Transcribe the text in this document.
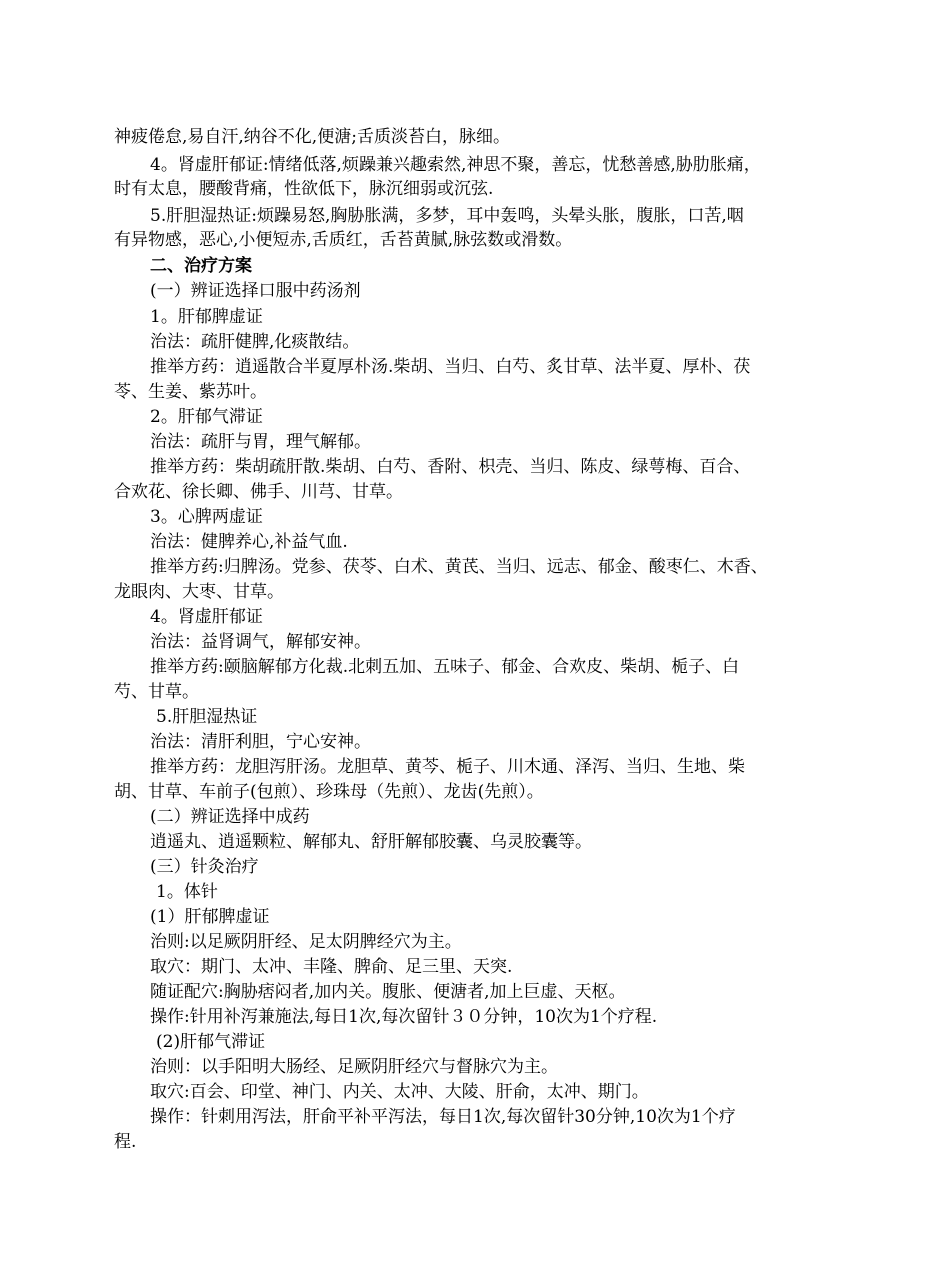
神疲倦怠,易自汗,纳谷不化,便溏;舌质淡苔白，脉细。
4。肾虚肝郁证:情绪低落,烦躁兼兴趣索然,神思不聚，善忘，忧愁善感,胁肋胀痛，
时有太息，腰酸背痛，性欲低下，脉沉细弱或沉弦.
5.肝胆湿热证:烦躁易怒,胸胁胀满，多梦，耳中轰鸣，头晕头胀，腹胀，口苦,咽
有异物感，恶心,小便短赤,舌质红，舌苔黄腻,脉弦数或滑数。
二、治疗方案
(一）辨证选择口服中药汤剂
1。肝郁脾虚证
治法：疏肝健脾,化痰散结。
推举方药：逍遥散合半夏厚朴汤.柴胡、当归、白芍、炙甘草、法半夏、厚朴、茯
苓、生姜、紫苏叶。
2。肝郁气滞证
治法：疏肝与胃，理气解郁。
推举方药：柴胡疏肝散.柴胡、白芍、香附、枳壳、当归、陈皮、绿萼梅、百合、
合欢花、徐长卿、佛手、川芎、甘草。
3。心脾两虚证
治法：健脾养心,补益气血.
推举方药:归脾汤。党参、茯苓、白术、黄芪、当归、远志、郁金、酸枣仁、木香、
龙眼肉、大枣、甘草。
4。肾虚肝郁证
治法：益肾调气，解郁安神。
推举方药:颐脑解郁方化裁.北刺五加、五味子、郁金、合欢皮、柴胡、栀子、白
芍、甘草。
5.肝胆湿热证
治法：清肝利胆，宁心安神。
推举方药：龙胆泻肝汤。龙胆草、黄芩、栀子、川木通、泽泻、当归、生地、柴
胡、甘草、车前子(包煎）、珍珠母（先煎）、龙齿(先煎）。
(二）辨证选择中成药
逍遥丸、逍遥颗粒、解郁丸、舒肝解郁胶囊、乌灵胶囊等。
(三）针灸治疗
1。体针
(1）肝郁脾虚证
治则:以足厥阴肝经、足太阴脾经穴为主。
取穴：期门、太冲、丰隆、脾俞、足三里、天突.
随证配穴:胸胁痞闷者,加内关。腹胀、便溏者,加上巨虚、天枢。
操作:针用补泻兼施法,每日1次,每次留针３０分钟，10次为1个疗程.
(2)肝郁气滞证
治则：以手阳明大肠经、足厥阴肝经穴与督脉穴为主。
取穴:百会、印堂、神门、内关、太冲、大陵、肝俞，太冲、期门。
操作：针刺用泻法，肝俞平补平泻法，每日1次,每次留针30分钟,10次为1个疗
程.
